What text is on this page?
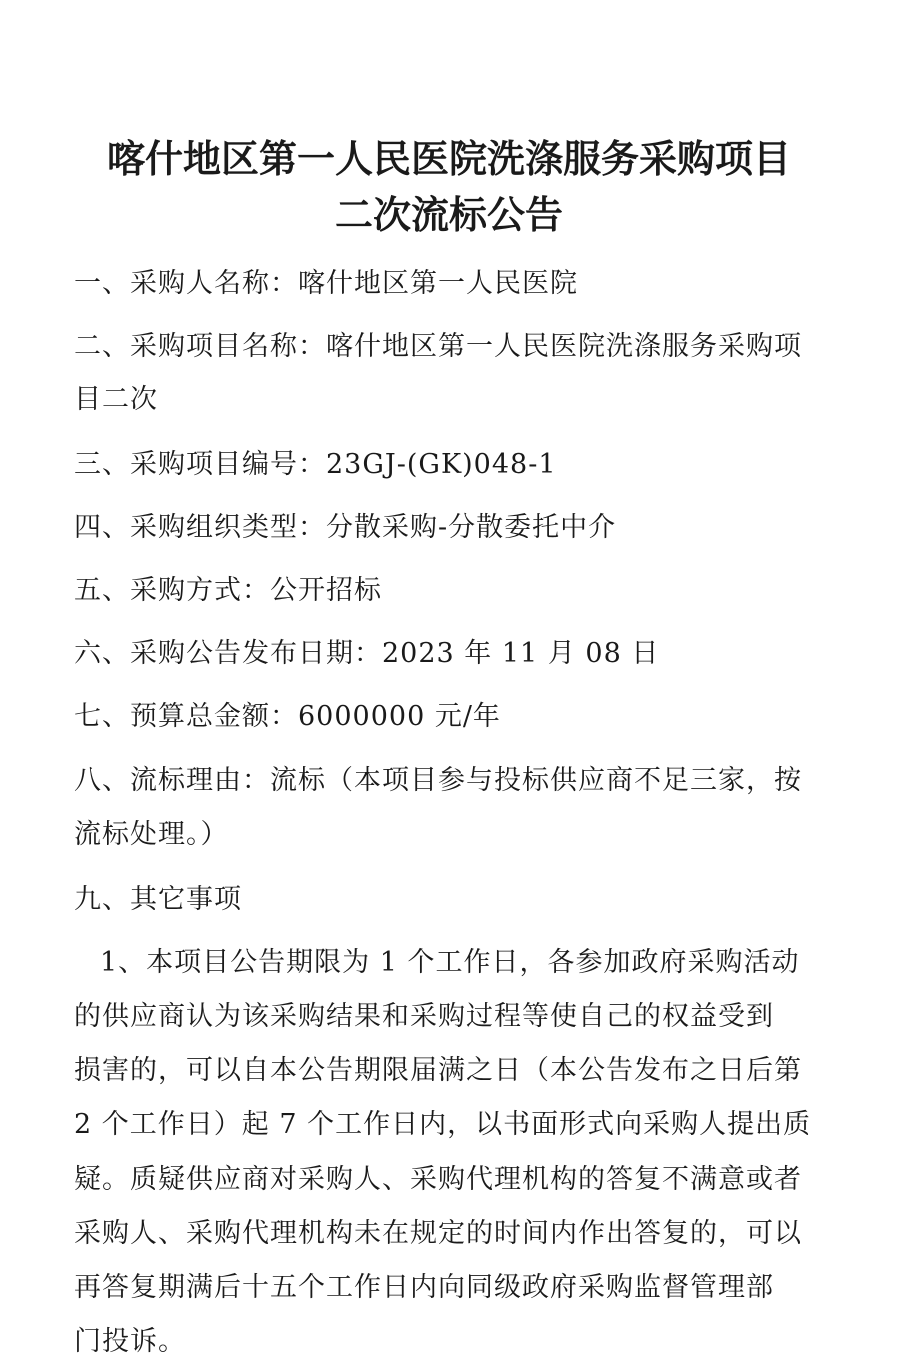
喀什地区第一人民医院洗涤服务采购项目
二次流标公告

一、采购人名称：喀什地区第一人民医院

二、采购项目名称：喀什地区第一人民医院洗涤服务采购项

目二次

三、采购项目编号：23GJ-(GK)048-1

四、采购组织类型：分散采购-分散委托中介

五、采购方式：公开招标

六、采购公告发布日期：2023 年 11 月 08 日

七、预算总金额：6000000 元/年

八、流标理由：流标（本项目参与投标供应商不足三家，按

流标处理。）

九、其它事项

1、本项目公告期限为 1 个工作日，各参加政府采购活动

的供应商认为该采购结果和采购过程等使自己的权益受到

损害的，可以自本公告期限届满之日（本公告发布之日后第

2 个工作日）起 7 个工作日内，以书面形式向采购人提出质

疑。质疑供应商对采购人、采购代理机构的答复不满意或者

采购人、采购代理机构未在规定的时间内作出答复的，可以

再答复期满后十五个工作日内向同级政府采购监督管理部

门投诉。
